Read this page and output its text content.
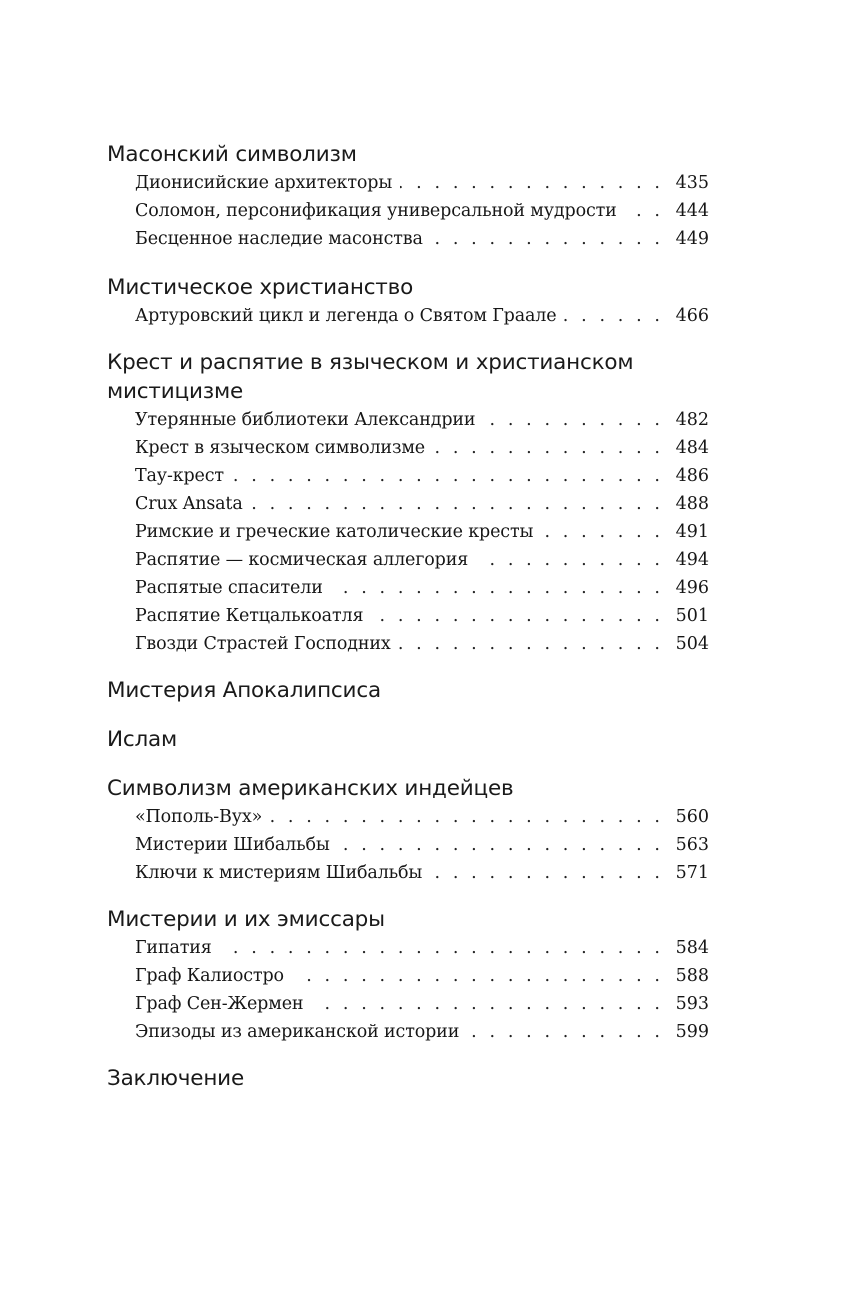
Масонский символизм
Дионисийские архитекторы . . .	435
Соломон, персонификация универсальной мудрости . . .	444
Бесценное наследие масонства . . .	449
Мистическое христианство
Артуровский цикл и легенда о Святом Граале . . .	466
Крест и распятие в языческом и христианском
мистицизме
Утерянные библиотеки Александрии . . .	482
Крест в языческом символизме . . .	484
Тау-крест . . .	486
Crux Ansata . . .	488
Римские и греческие католические кресты . . .	491
Распятие — космическая аллегория . . .	494
Распятые спасители . . .	496
Распятие Кетцалькоатля . . .	501
Гвозди Страстей Господних . . .	504
Мистерия Апокалипсиса
Ислам
Символизм американских индейцев
«Пополь-Вух» . . .	560
Мистерии Шибальбы . . .	563
Ключи к мистериям Шибальбы . . .	571
Мистерии и их эмиссары
Гипатия . . .	584
Граф Калиостро . . .	588
Граф Сен-Жермен . . .	593
Эпизоды из американской истории . . .	599
Заключение
